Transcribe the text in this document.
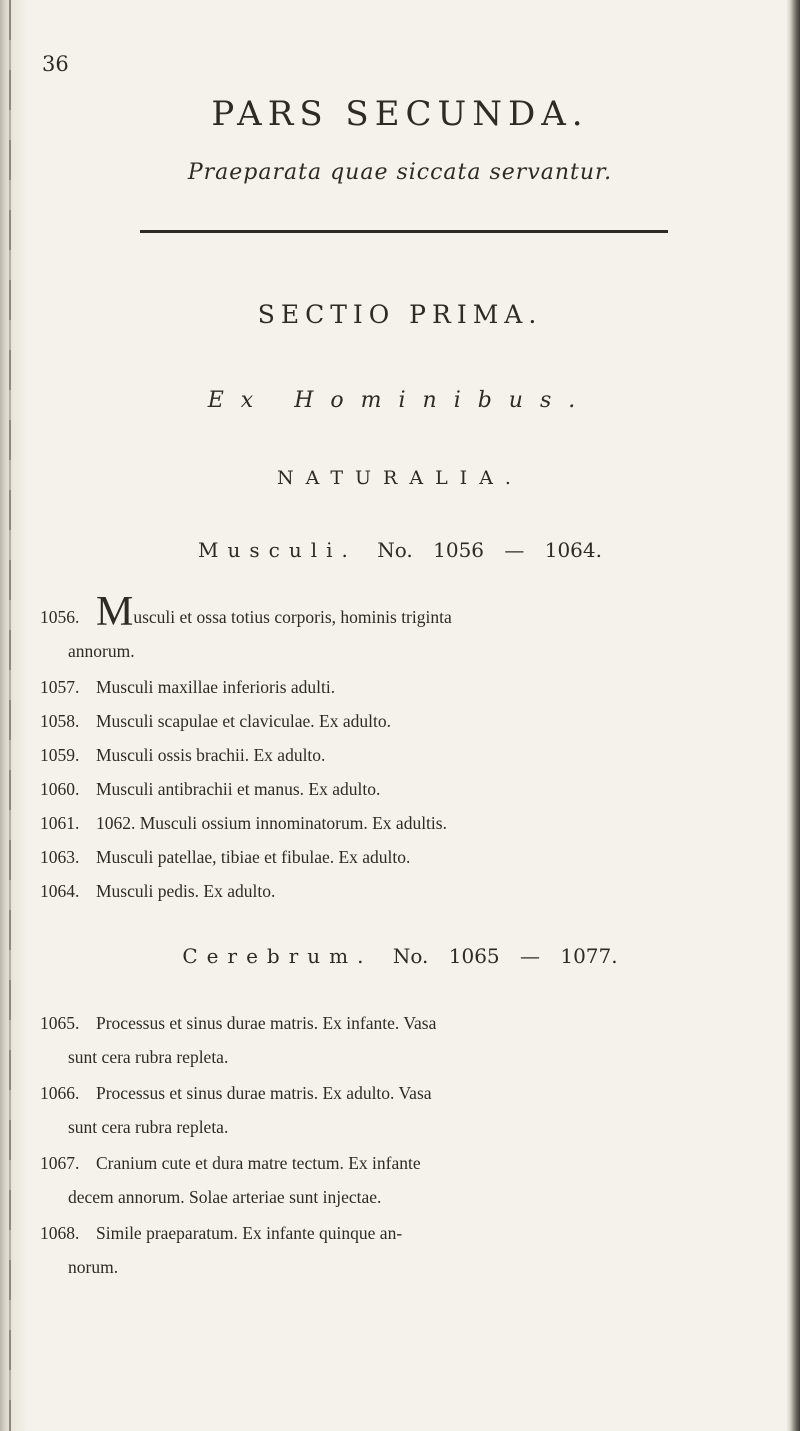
36
PARS SECUNDA.
Praeparata quae siccata servantur.
SECTIO PRIMA.
Ex Hominibus.
NATURALIA.
Musculi. No. 1056 — 1064.
1056. Musculi et ossa totius corporis, hominis triginta
annorum.
1057. Musculi maxillae inferioris adulti.
1058. Musculi scapulae et claviculae. Ex adulto.
1059. Musculi ossis brachii. Ex adulto.
1060. Musculi antibrachii et manus. Ex adulto.
1061. 1062. Musculi ossium innominatorum. Ex adultis.
1063. Musculi patellae, tibiae et fibulae. Ex adulto.
1064. Musculi pedis. Ex adulto.
Cerebrum. No. 1065 — 1077.
1065. Processus et sinus durae matris. Ex infante. Vasa
sunt cera rubra repleta.
1066. Processus et sinus durae matris. Ex adulto. Vasa
sunt cera rubra repleta.
1067. Cranium cute et dura matre tectum. Ex infante
decem annorum. Solae arteriae sunt injectae.
1068. Simile praeparatum. Ex infante quinque an-
norum.
